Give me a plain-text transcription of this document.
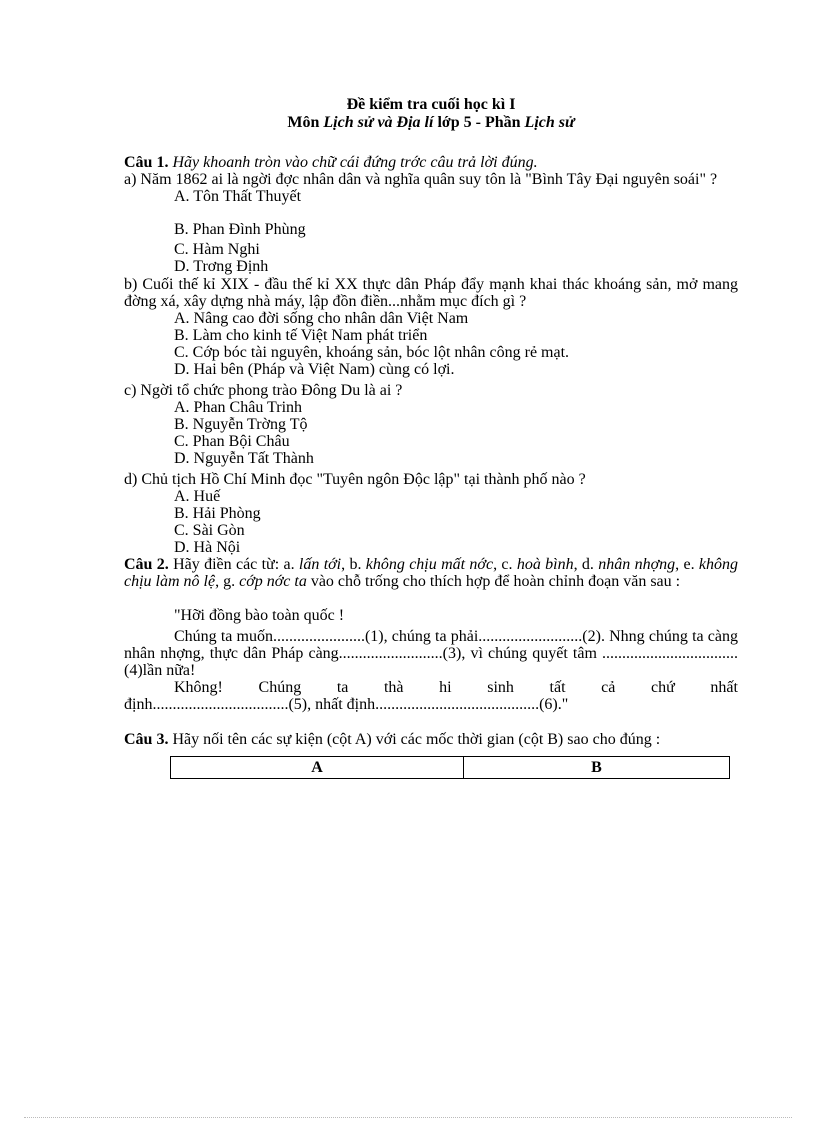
Đề kiểm tra cuối học kì I
Môn Lịch sử và Địa lí lớp 5 - Phần Lịch sử
Câu 1. Hãy khoanh tròn vào chữ cái đứng trớc câu trả lời đúng.
a) Năm 1862 ai là ngời đợc nhân dân và nghĩa quân suy tôn là "Bình Tây Đại nguyên soái" ?
A. Tôn Thất Thuyết
B. Phan Đình Phùng
C. Hàm Nghi
D. Trơng Định
b) Cuối thế kỉ XIX - đầu thế kỉ XX thực dân Pháp đẩy mạnh khai thác khoáng sản, mở mang đờng xá, xây dựng nhà máy, lập đồn điền...nhằm mục đích gì ?
A. Nâng cao đời sống cho nhân dân Việt Nam
B. Làm cho kinh tế Việt Nam phát triển
C. Cớp bóc tài nguyên, khoáng sản, bóc lột nhân công rẻ mạt.
D. Hai bên (Pháp và Việt Nam) cùng có lợi.
c) Ngời tổ chức phong trào Đông Du là ai ?
A. Phan Châu Trinh
B. Nguyễn Trờng Tộ
C. Phan Bội Châu
D. Nguyễn Tất Thành
d) Chủ tịch Hồ Chí Minh đọc "Tuyên ngôn Độc lập" tại thành phố nào ?
A. Huế
B. Hải Phòng
C. Sài Gòn
D. Hà Nội
Câu 2. Hãy điền các từ: a. lấn tới, b. không chịu mất nớc, c. hoà bình, d. nhân nhợng, e. không chịu làm nô lệ, g. cớp nớc ta vào chỗ trống cho thích hợp để hoàn chỉnh đoạn văn sau :

"Hỡi đồng bào toàn quốc !

Chúng ta muốn.......................(1), chúng ta phải..........................(2). Nhng chúng ta càng nhân nhợng, thực dân Pháp càng..........................(3), vì chúng quyết tâm ..................................(4)lần nữa!

Không! Chúng ta thà hi sinh tất cả chứ nhất

định..................................(5), nhất định.........................................(6)."

Câu 3. Hãy nối tên các sự kiện (cột A) với các mốc thời gian (cột B) sao cho đúng :
A	B
